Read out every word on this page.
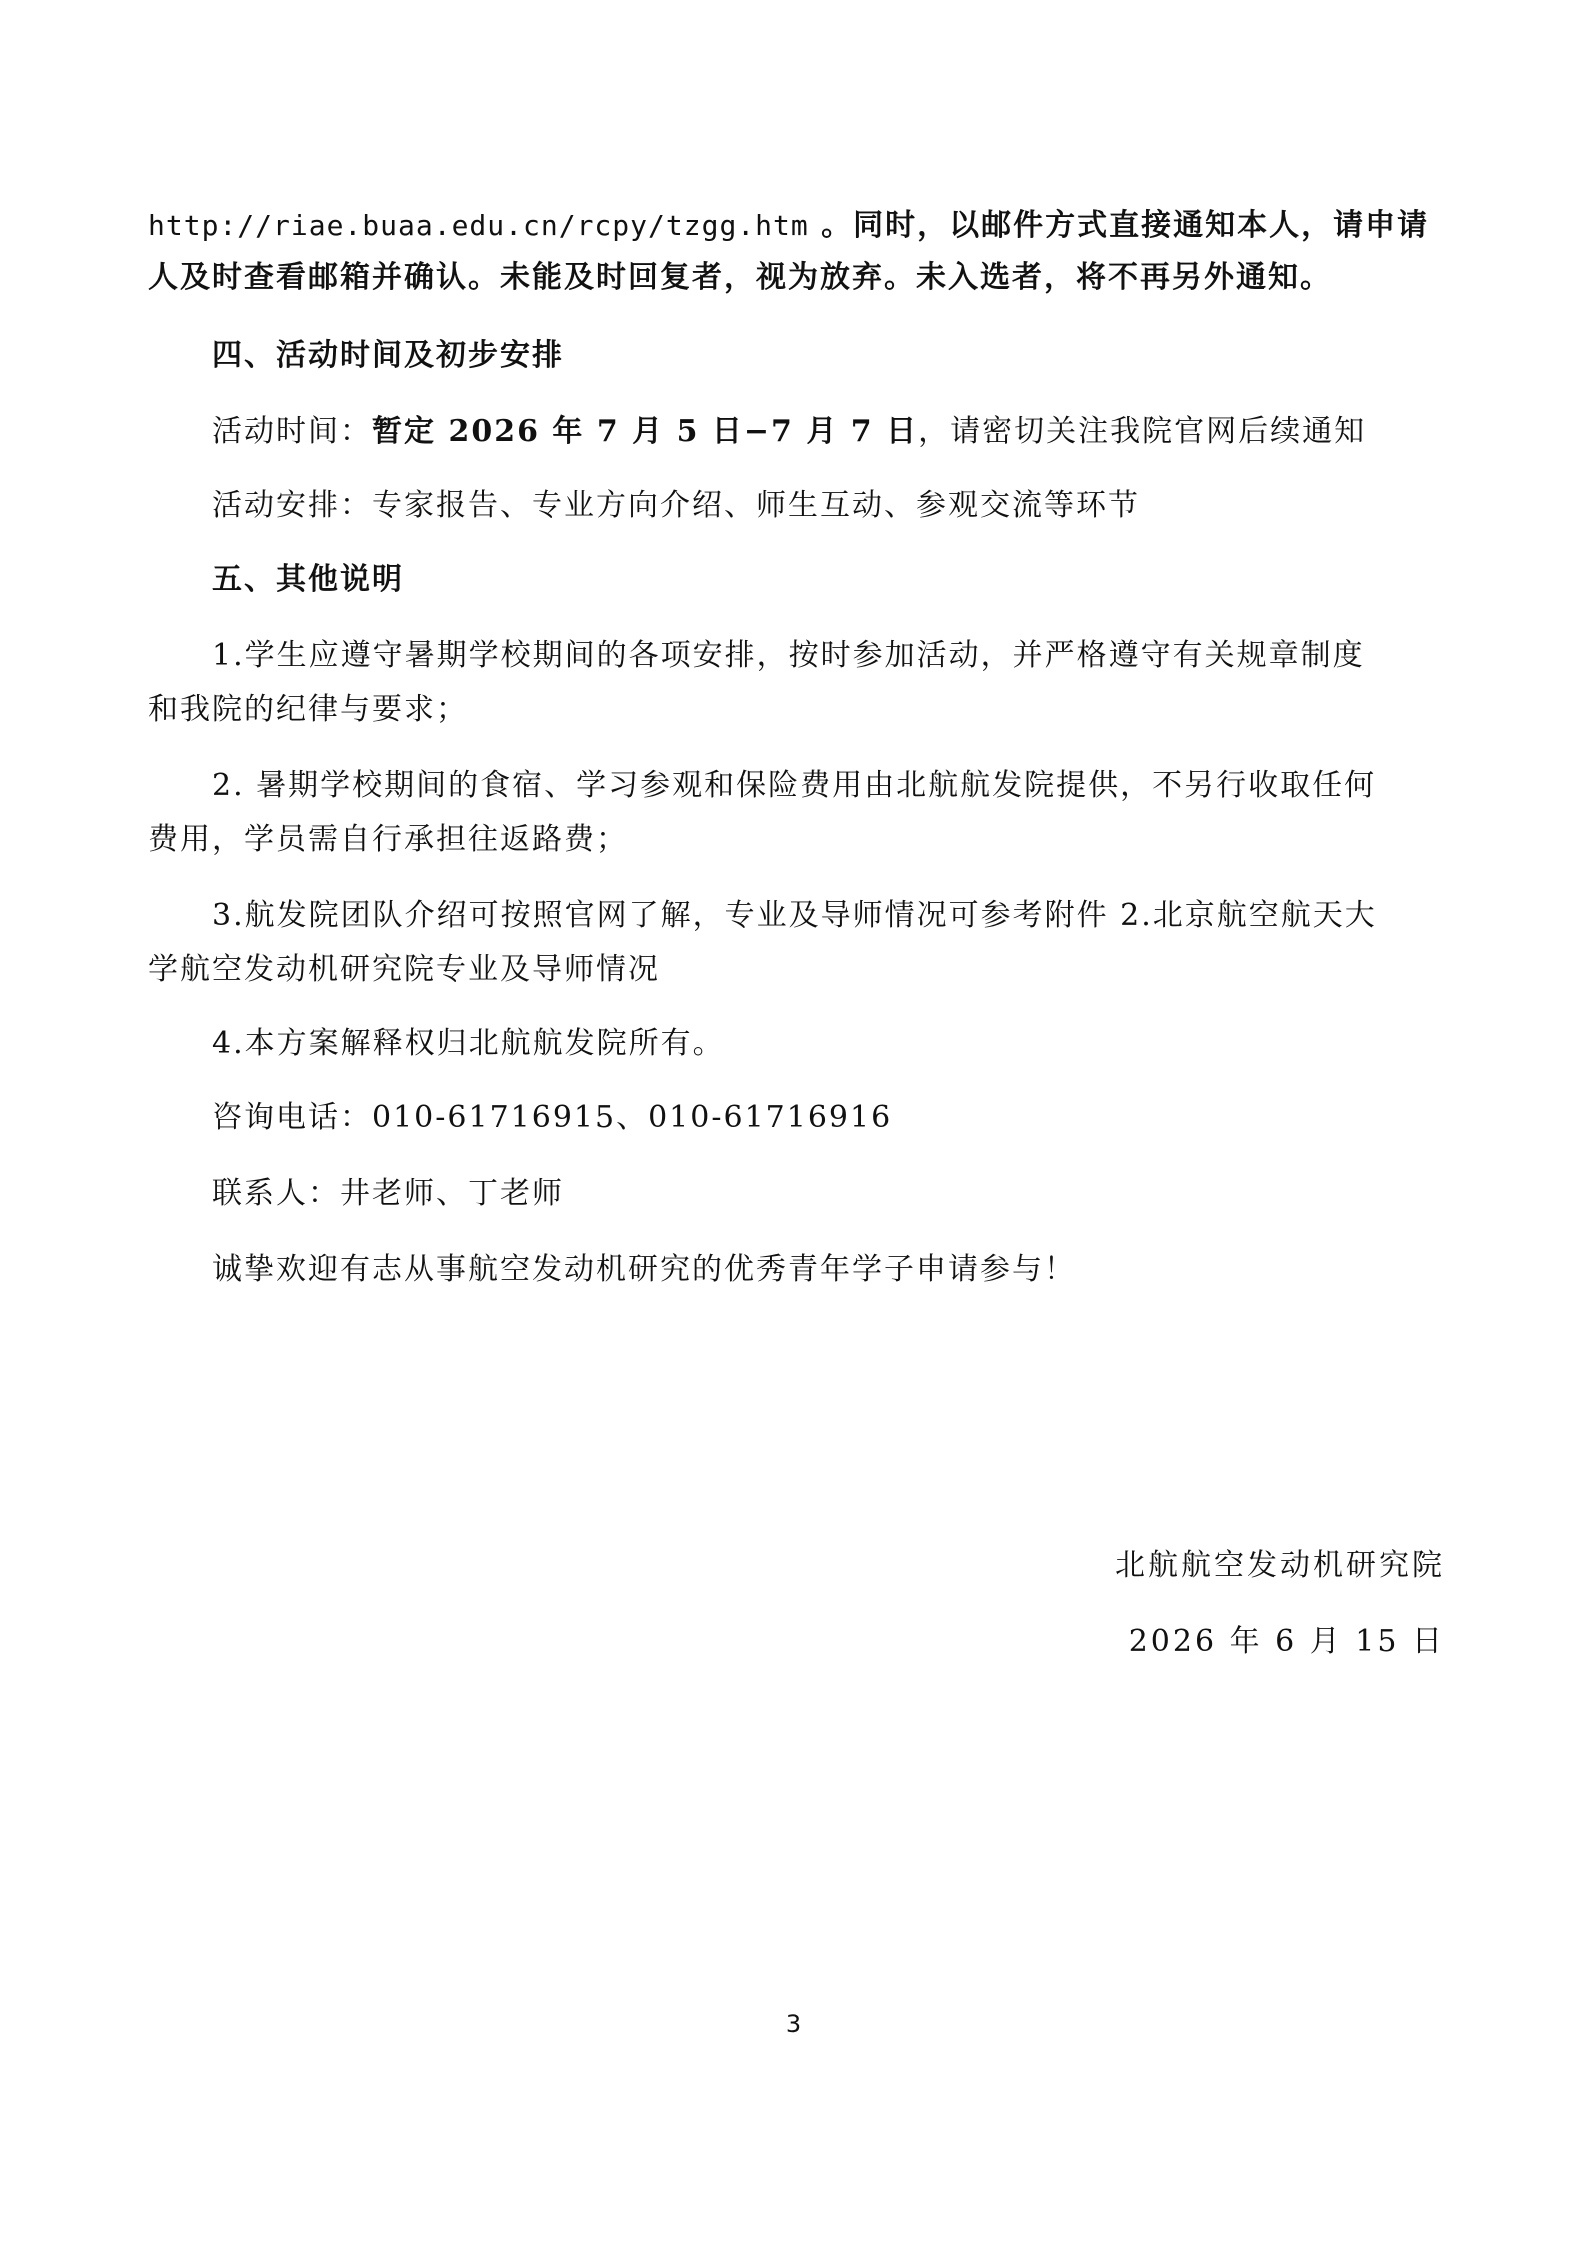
http://riae.buaa.edu.cn/rcpy/tzgg.htm 。同时，以邮件方式直接通知本人，请申请
人及时查看邮箱并确认。未能及时回复者，视为放弃。未入选者，将不再另外通知。
四、活动时间及初步安排
活动时间：暂定 2026 年 7 月 5 日−7 月 7 日，请密切关注我院官网后续通知
活动安排：专家报告、专业方向介绍、师生互动、参观交流等环节
五、其他说明
1.学生应遵守暑期学校期间的各项安排，按时参加活动，并严格遵守有关规章制度
和我院的纪律与要求；
2. 暑期学校期间的食宿、学习参观和保险费用由北航航发院提供，不另行收取任何
费用，学员需自行承担往返路费；
3.航发院团队介绍可按照官网了解，专业及导师情况可参考附件 2.北京航空航天大
学航空发动机研究院专业及导师情况
4.本方案解释权归北航航发院所有。
咨询电话：010-61716915、010-61716916
联系人：井老师、丁老师
诚挚欢迎有志从事航空发动机研究的优秀青年学子申请参与！
北航航空发动机研究院
2026 年 6 月 15 日
3
